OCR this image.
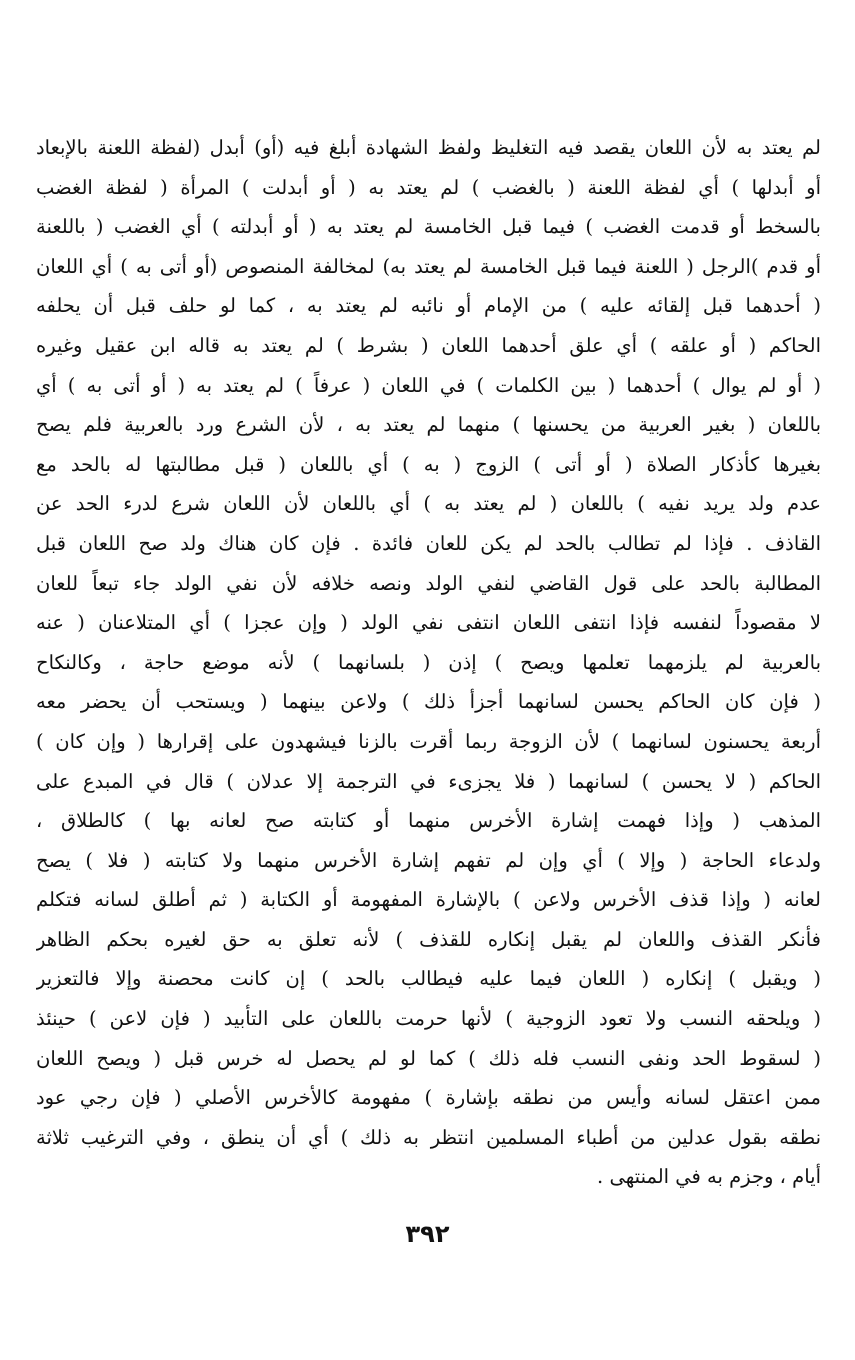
لم يعتد به لأن اللعان يقصد فيه التغليظ ولفظ الشهادة أبلغ فيه (أو) أبدل (لفظة اللعنة بالإبعاد
أو أبدلها ) أي لفظة اللعنة ( بالغضب ) لم يعتد به ( أو أبدلت ) المرأة ( لفظة الغضب
بالسخط أو قدمت الغضب ) فيما قبل الخامسة لم يعتد به ( أو أبدلته ) أي الغضب ( باللعنة
أو قدم )الرجل ( اللعنة فيما قبل الخامسة لم يعتد به) لمخالفة المنصوص (أو أتى به ) أي اللعان
( أحدهما قبل إلقائه عليه ) من الإمام أو نائبه لم يعتد به ، كما لو حلف قبل أن يحلفه
الحاكم ( أو علقه ) أي علق أحدهما اللعان ( بشرط ) لم يعتد به قاله ابن عقيل وغيره
( أو لم يوال ) أحدهما ( بين الكلمات ) في اللعان ( عرفاً ) لم يعتد به ( أو أتى به ) أي
باللعان ( بغير العربية من يحسنها ) منهما لم يعتد به ، لأن الشرع ورد بالعربية فلم يصح
بغيرها كأذكار الصلاة ( أو أتى ) الزوج ( به ) أي باللعان ( قبل مطالبتها له بالحد مع
عدم ولد يريد نفيه ) باللعان ( لم يعتد به ) أي باللعان لأن اللعان شرع لدرء الحد عن
القاذف . فإذا لم تطالب بالحد لم يكن للعان فائدة . فإن كان هناك ولد صح اللعان قبل
المطالبة بالحد على قول القاضي لنفي الولد ونصه خلافه لأن نفي الولد جاء تبعاً للعان
لا مقصوداً لنفسه فإذا انتفى اللعان انتفى نفي الولد ( وإن عجزا ) أي المتلاعنان ( عنه
بالعربية لم يلزمهما تعلمها ويصح ) إذن ( بلسانهما ) لأنه موضع حاجة ، وكالنكاح
( فإن كان الحاكم يحسن لسانهما أجزأ ذلك ) ولاعن بينهما ( ويستحب أن يحضر معه
أربعة يحسنون لسانهما ) لأن الزوجة ربما أقرت بالزنا فيشهدون على إقرارها ( وإن كان )
الحاكم ( لا يحسن ) لسانهما ( فلا يجزىء في الترجمة إلا عدلان ) قال في المبدع على
المذهب ( وإذا فهمت إشارة الأخرس منهما أو كتابته صح لعانه بها ) كالطلاق ،
ولدعاء الحاجة ( وإلا ) أي وإن لم تفهم إشارة الأخرس منهما ولا كتابته ( فلا ) يصح
لعانه ( وإذا قذف الأخرس ولاعن ) بالإشارة المفهومة أو الكتابة ( ثم أطلق لسانه فتكلم
فأنكر القذف واللعان لم يقبل إنكاره للقذف ) لأنه تعلق به حق لغيره بحكم الظاهر
( ويقبل ) إنكاره ( اللعان فيما عليه فيطالب بالحد ) إن كانت محصنة وإلا فالتعزير
( ويلحقه النسب ولا تعود الزوجية ) لأنها حرمت باللعان على التأبيد ( فإن لاعن ) حينئذ
( لسقوط الحد ونفى النسب فله ذلك ) كما لو لم يحصل له خرس قبل ( ويصح اللعان
ممن اعتقل لسانه وأيس من نطقه بإشارة ) مفهومة كالأخرس الأصلي ( فإن رجي عود
نطقه بقول عدلين من أطباء المسلمين انتظر به ذلك ) أي أن ينطق ، وفي الترغيب ثلاثة
أيام ، وجزم به في المنتهى .
٣٩٢
